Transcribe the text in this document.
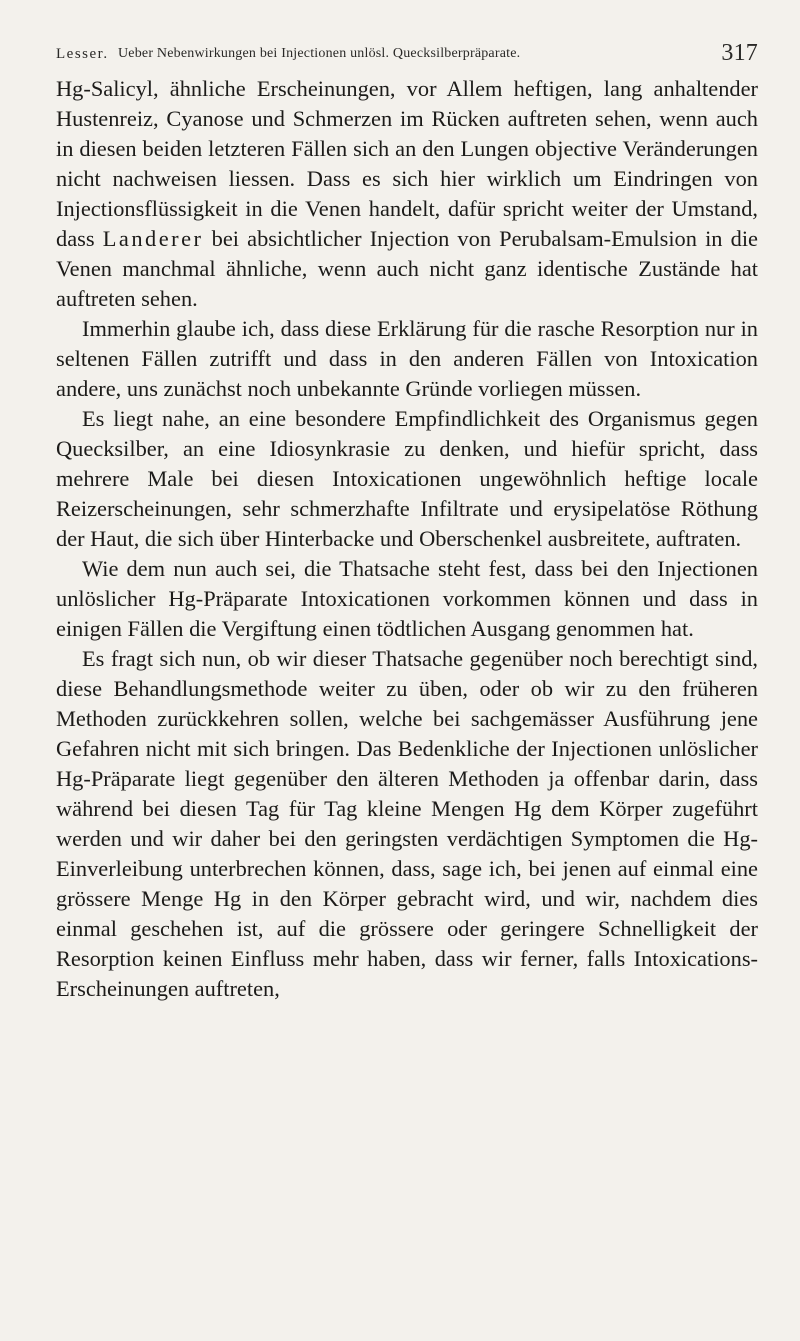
Lesser. Ueber Nebenwirkungen bei Injectionen unlösl. Quecksilberpräparate.	317

Hg-Salicyl, ähnliche Erscheinungen, vor Allem heftigen, lang anhaltender Hustenreiz, Cyanose und Schmerzen im Rücken auftreten sehen, wenn auch in diesen beiden letzteren Fällen sich an den Lungen objective Veränderungen nicht nachweisen liessen. Dass es sich hier wirklich um Eindringen von Injectionsflüssigkeit in die Venen handelt, dafür spricht weiter der Umstand, dass Landerer bei absichtlicher Injection von Perubalsam-Emulsion in die Venen manchmal ähnliche, wenn auch nicht ganz identische Zustände hat auftreten sehen.

Immerhin glaube ich, dass diese Erklärung für die rasche Resorption nur in seltenen Fällen zutrifft und dass in den anderen Fällen von Intoxication andere, uns zunächst noch unbekannte Gründe vorliegen müssen.

Es liegt nahe, an eine besondere Empfindlichkeit des Organismus gegen Quecksilber, an eine Idiosynkrasie zu denken, und hiefür spricht, dass mehrere Male bei diesen Intoxicationen ungewöhnlich heftige locale Reizerscheinungen, sehr schmerzhafte Infiltrate und erysipelatöse Röthung der Haut, die sich über Hinterbacke und Oberschenkel ausbreitete, auftraten.

Wie dem nun auch sei, die Thatsache steht fest, dass bei den Injectionen unlöslicher Hg-Präparate Intoxicationen vorkommen können und dass in einigen Fällen die Vergiftung einen tödtlichen Ausgang genommen hat.

Es fragt sich nun, ob wir dieser Thatsache gegenüber noch berechtigt sind, diese Behandlungsmethode weiter zu üben, oder ob wir zu den früheren Methoden zurückkehren sollen, welche bei sachgemässer Ausführung jene Gefahren nicht mit sich bringen. Das Bedenkliche der Injectionen unlöslicher Hg-Präparate liegt gegenüber den älteren Methoden ja offenbar darin, dass während bei diesen Tag für Tag kleine Mengen Hg dem Körper zugeführt werden und wir daher bei den geringsten verdächtigen Symptomen die Hg-Einverleibung unterbrechen können, dass, sage ich, bei jenen auf einmal eine grössere Menge Hg in den Körper gebracht wird, und wir, nachdem dies einmal geschehen ist, auf die grössere oder geringere Schnelligkeit der Resorption keinen Einfluss mehr haben, dass wir ferner, falls Intoxications-Erscheinungen auftreten,
